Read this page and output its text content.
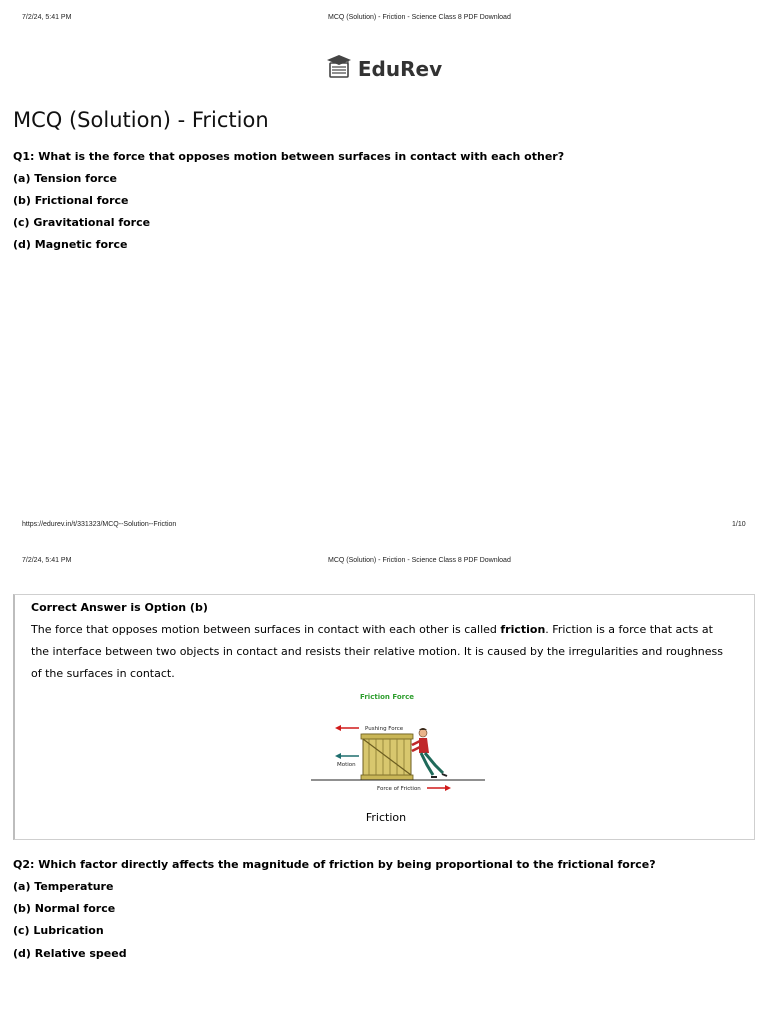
7/2/24, 5:41 PM	MCQ (Solution) - Friction - Science Class 8 PDF Download
EduRev
MCQ (Solution) - Friction
Q1: What is the force that opposes motion between surfaces in contact with each other?
(a) Tension force
(b) Frictional force
(c) Gravitational force
(d) Magnetic force
https://edurev.in/t/331323/MCQ--Solution--Friction	1/10
7/2/24, 5:41 PM	MCQ (Solution) - Friction - Science Class 8 PDF Download
Correct Answer is Option (b)
The force that opposes motion between surfaces in contact with each other is called friction. Friction is a force that acts at the interface between two objects in contact and resists their relative motion. It is caused by the irregularities and roughness of the surfaces in contact.
Friction Force
Pushing Force
Motion
Force of Friction
Friction
Q2: Which factor directly affects the magnitude of friction by being proportional to the frictional force?
(a) Temperature
(b) Normal force
(c) Lubrication
(d) Relative speed
